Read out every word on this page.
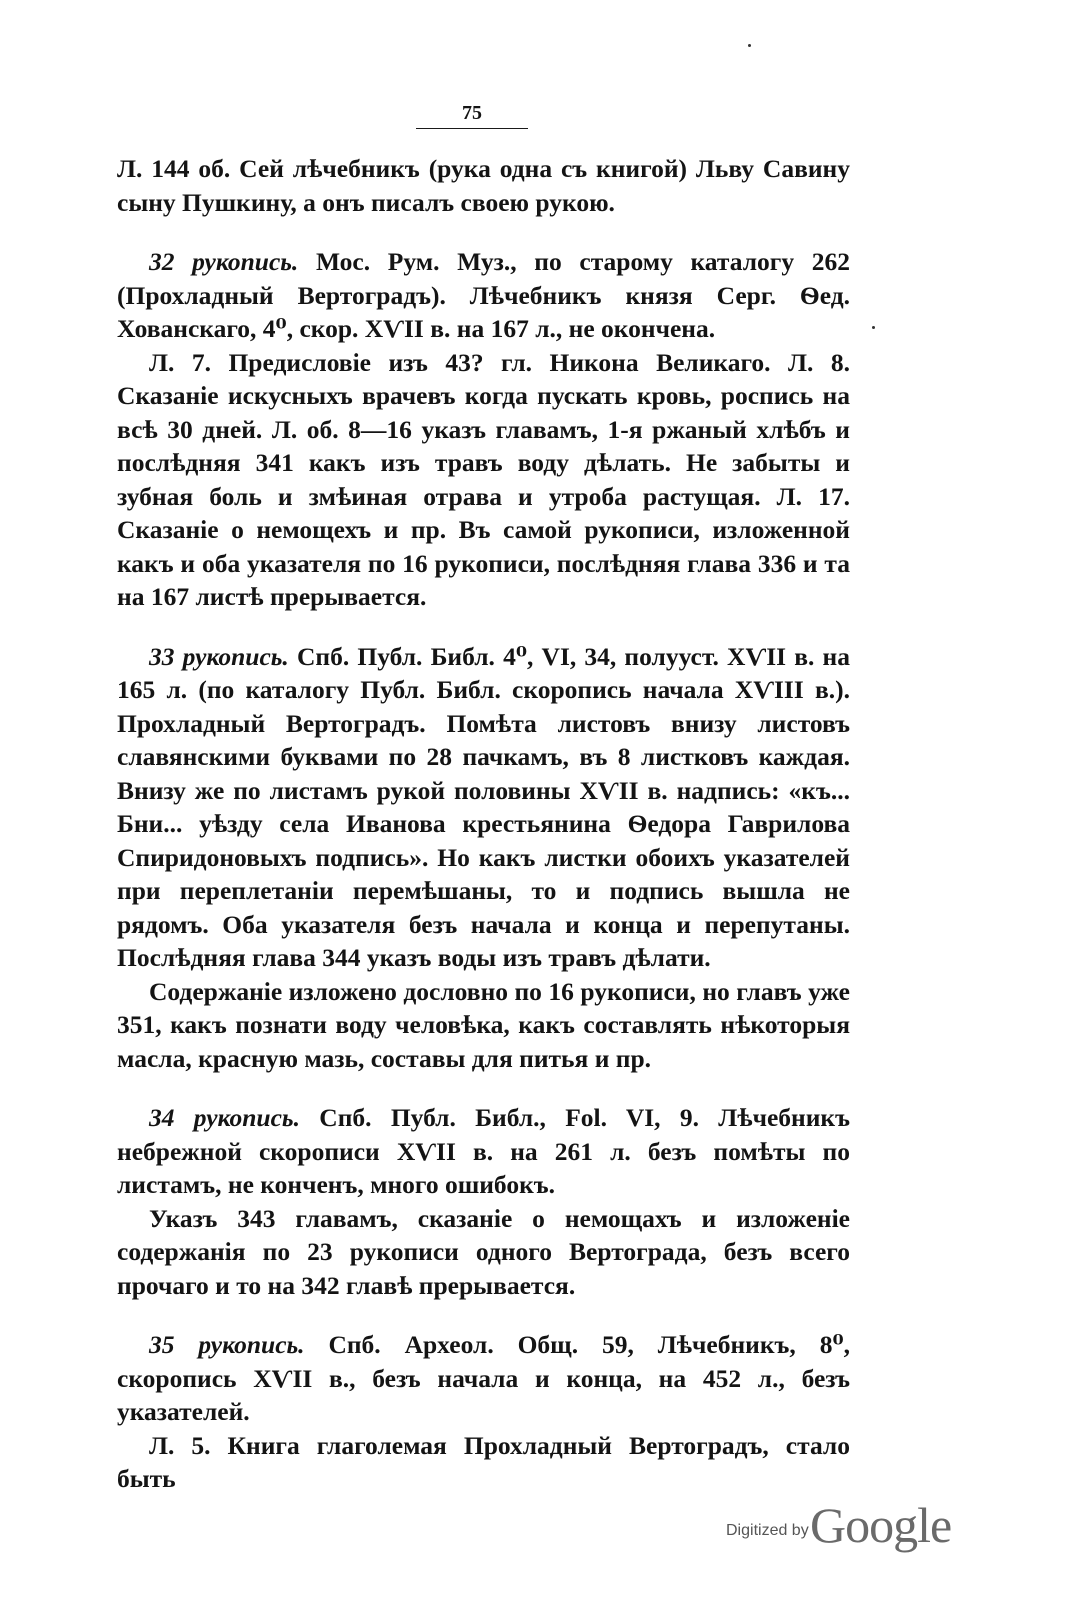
75

Л. 144 об. Сей лѣчебникъ (рука одна съ книгой) Льву Савину сыну Пушкину, а онъ писалъ своею рукою.

32 рукопись. Мос. Рум. Муз., по старому каталогу 262 (Прохладный Вертоградъ). Лѣчебникъ князя Серг. Ѳед. Хованскаго, 4⁰, скор. XѴII в. на 167 л., не окончена.

Л. 7. Предисловіе изъ 43? гл. Никона Великаго. Л. 8. Сказаніе искусныхъ врачевъ когда пускать кровь, роспись на всѣ 30 дней. Л. об. 8—16 указъ главамъ, 1-я ржаный хлѣбъ и послѣдняя 341 какъ изъ травъ воду дѣлать. Не забыты и зубная боль и змѣиная отрава и утроба растущая. Л. 17. Сказаніе о немощехъ и пр. Въ самой рукописи, изложенной какъ и оба указателя по 16 рукописи, послѣдняя глава 336 и та на 167 листѣ прерывается.

33 рукопись. Спб. Публ. Библ. 4⁰, VI, 34, полууст. XѴII в. на 165 л. (по каталогу Публ. Библ. скоропись начала XѴIII в.). Прохладный Вертоградъ. Помѣта листовъ внизу листовъ славянскими буквами по 28 пачкамъ, въ 8 листковъ каждая. Внизу же по листамъ рукой половины XѴII в. надпись: «къ... Бни... уѣзду села Иванова крестьянина Ѳедора Гаврилова Спиридоновыхъ подпись». Но какъ листки обоихъ указателей при переплетаніи перемѣшаны, то и подпись вышла не рядомъ. Оба указателя безъ начала и конца и перепутаны. Послѣдняя глава 344 указъ воды изъ травъ дѣлати.

Содержаніе изложено дословно по 16 рукописи, но главъ уже 351, какъ познати воду человѣка, какъ составлять нѣкоторыя масла, красную мазь, составы для питья и пр.

34 рукопись. Спб. Публ. Библ., Fol. VI, 9. Лѣчебникъ небрежной скорописи XѴII в. на 261 л. безъ помѣты по листамъ, не конченъ, много ошибокъ.

Указъ 343 главамъ, сказаніе о немощахъ и изложеніе содержанія по 23 рукописи одного Вертограда, безъ всего прочаго и то на 342 главѣ прерывается.

35 рукопись. Спб. Археол. Общ. 59, Лѣчебникъ, 8⁰, скоропись XѴII в., безъ начала и конца, на 452 л., безъ указателей.

Л. 5. Книга глаголемая Прохладный Вертоградъ, стало быть

Digitized by Google
